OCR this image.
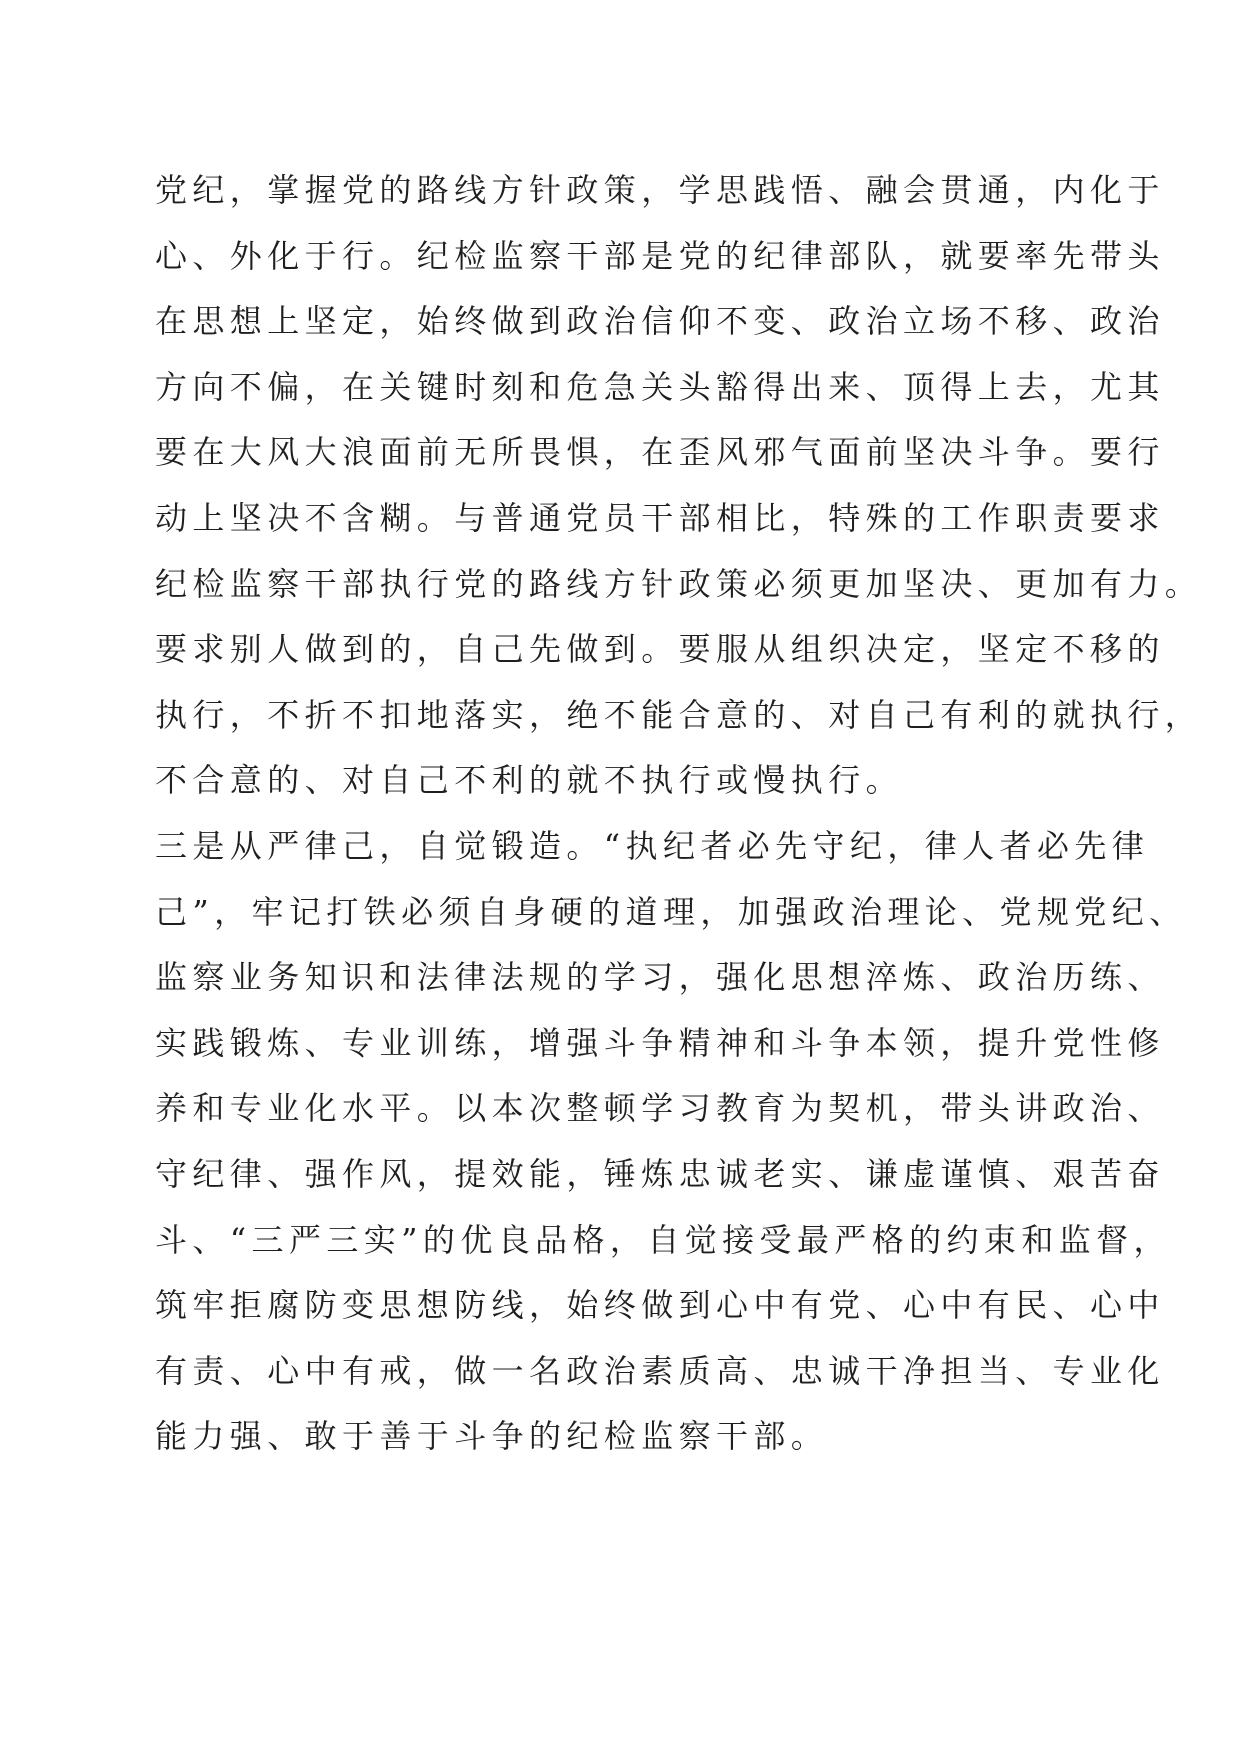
党纪，掌握党的路线方针政策，学思践悟、融会贯通，内化于
心、外化于行。纪检监察干部是党的纪律部队，就要率先带头
在思想上坚定，始终做到政治信仰不变、政治立场不移、政治
方向不偏，在关键时刻和危急关头豁得出来、顶得上去，尤其
要在大风大浪面前无所畏惧，在歪风邪气面前坚决斗争。要行
动上坚决不含糊。与普通党员干部相比，特殊的工作职责要求
纪检监察干部执行党的路线方针政策必须更加坚决、更加有力。
要求别人做到的，自己先做到。要服从组织决定，坚定不移的
执行，不折不扣地落实，绝不能合意的、对自己有利的就执行，
不合意的、对自己不利的就不执行或慢执行。
三是从严律己，自觉锻造。“执纪者必先守纪，律人者必先律
己”，牢记打铁必须自身硬的道理，加强政治理论、党规党纪、
监察业务知识和法律法规的学习，强化思想淬炼、政治历练、
实践锻炼、专业训练，增强斗争精神和斗争本领，提升党性修
养和专业化水平。以本次整顿学习教育为契机，带头讲政治、
守纪律、强作风，提效能，锤炼忠诚老实、谦虚谨慎、艰苦奋
斗、“三严三实”的优良品格，自觉接受最严格的约束和监督，
筑牢拒腐防变思想防线，始终做到心中有党、心中有民、心中
有责、心中有戒，做一名政治素质高、忠诚干净担当、专业化
能力强、敢于善于斗争的纪检监察干部。
